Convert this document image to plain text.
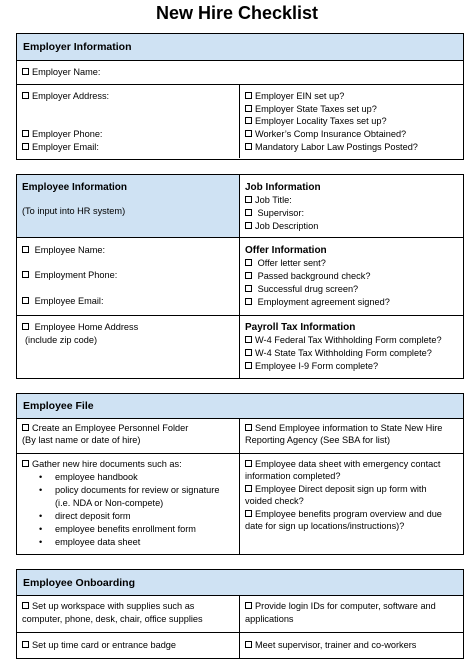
New Hire Checklist
Employer Information
Employer Name:
Employer Address:
Employer Phone:
Employer Email:
Employer EIN set up?
Employer State Taxes set up?
Employer Locality Taxes set up?
Worker’s Comp Insurance Obtained?
Mandatory Labor Law Postings Posted?
Employee Information
(To input into HR system)
Job Information
Job Title:
Supervisor:
Job Description
Employee Name:
Employment Phone:
Employee Email:
Offer Information
Offer letter sent?
Passed background check?
Successful drug screen?
Employment agreement signed?
Employee Home Address
(include zip code)
Payroll Tax Information
W-4 Federal Tax Withholding Form complete?
W-4 State Tax Withholding Form complete?
Employee I-9 Form complete?
Employee File
Create an Employee Personnel Folder
(By last name or date of hire)
Send Employee information to State New Hire
Reporting Agency (See SBA for list)
Gather new hire documents such as:
• employee handbook
• policy documents for review or signature
(i.e. NDA or Non-compete)
• direct deposit form
• employee benefits enrollment form
• employee data sheet
Employee data sheet with emergency contact
information completed?
Employee Direct deposit sign up form with
voided check?
Employee benefits program overview and due
date for sign up locations/instructions)?
Employee Onboarding
Set up workspace with supplies such as
computer, phone, desk, chair, office supplies
Provide login IDs for computer, software and
applications
Set up time card or entrance badge	Meet supervisor, trainer and co-workers
